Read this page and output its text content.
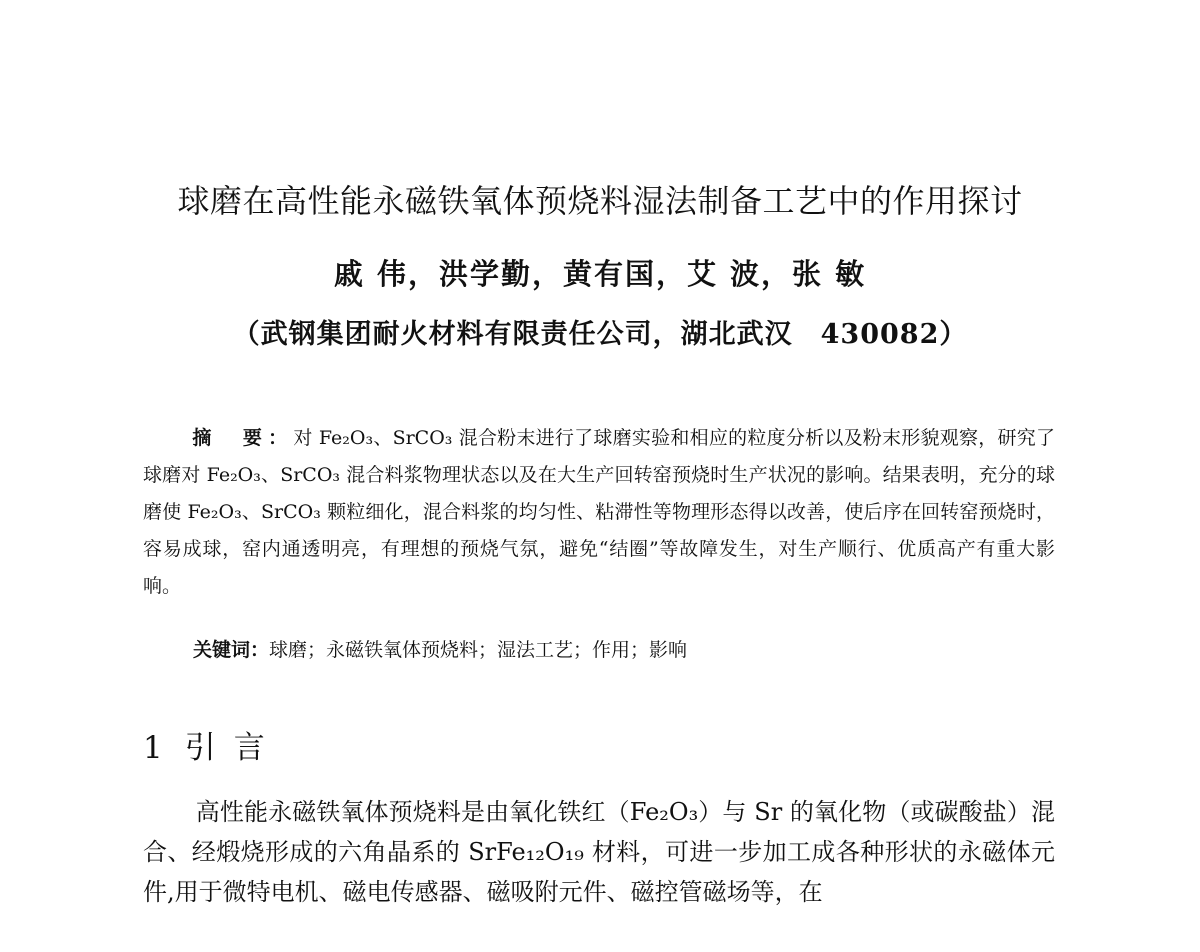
球磨在高性能永磁铁氧体预烧料湿法制备工艺中的作用探讨
戚 伟，洪学勤，黄有国，艾 波，张 敏
（武钢集团耐火材料有限责任公司，湖北武汉　430082）

摘　要：对 Fe₂O₃、SrCO₃ 混合粉末进行了球磨实验和相应的粒度分析以及粉末形貌观察，研究了球磨对 Fe₂O₃、SrCO₃ 混合料浆物理状态以及在大生产回转窑预烧时生产状况的影响。结果表明，充分的球磨使 Fe₂O₃、SrCO₃ 颗粒细化，混合料浆的均匀性、粘滞性等物理形态得以改善，使后序在回转窑预烧时，容易成球，窑内通透明亮，有理想的预烧气氛，避免“结圈”等故障发生，对生产顺行、优质高产有重大影响。

关键词：球磨；永磁铁氧体预烧料；湿法工艺；作用；影响
1 引言

高性能永磁铁氧体预烧料是由氧化铁红（Fe₂O₃）与 Sr 的氧化物（或碳酸盐）混合、经煅烧形成的六角晶系的 SrFe₁₂O₁₉ 材料，可进一步加工成各种形状的永磁体元件,用于微特电机、磁电传感器、磁吸附元件、磁控管磁场等，在
